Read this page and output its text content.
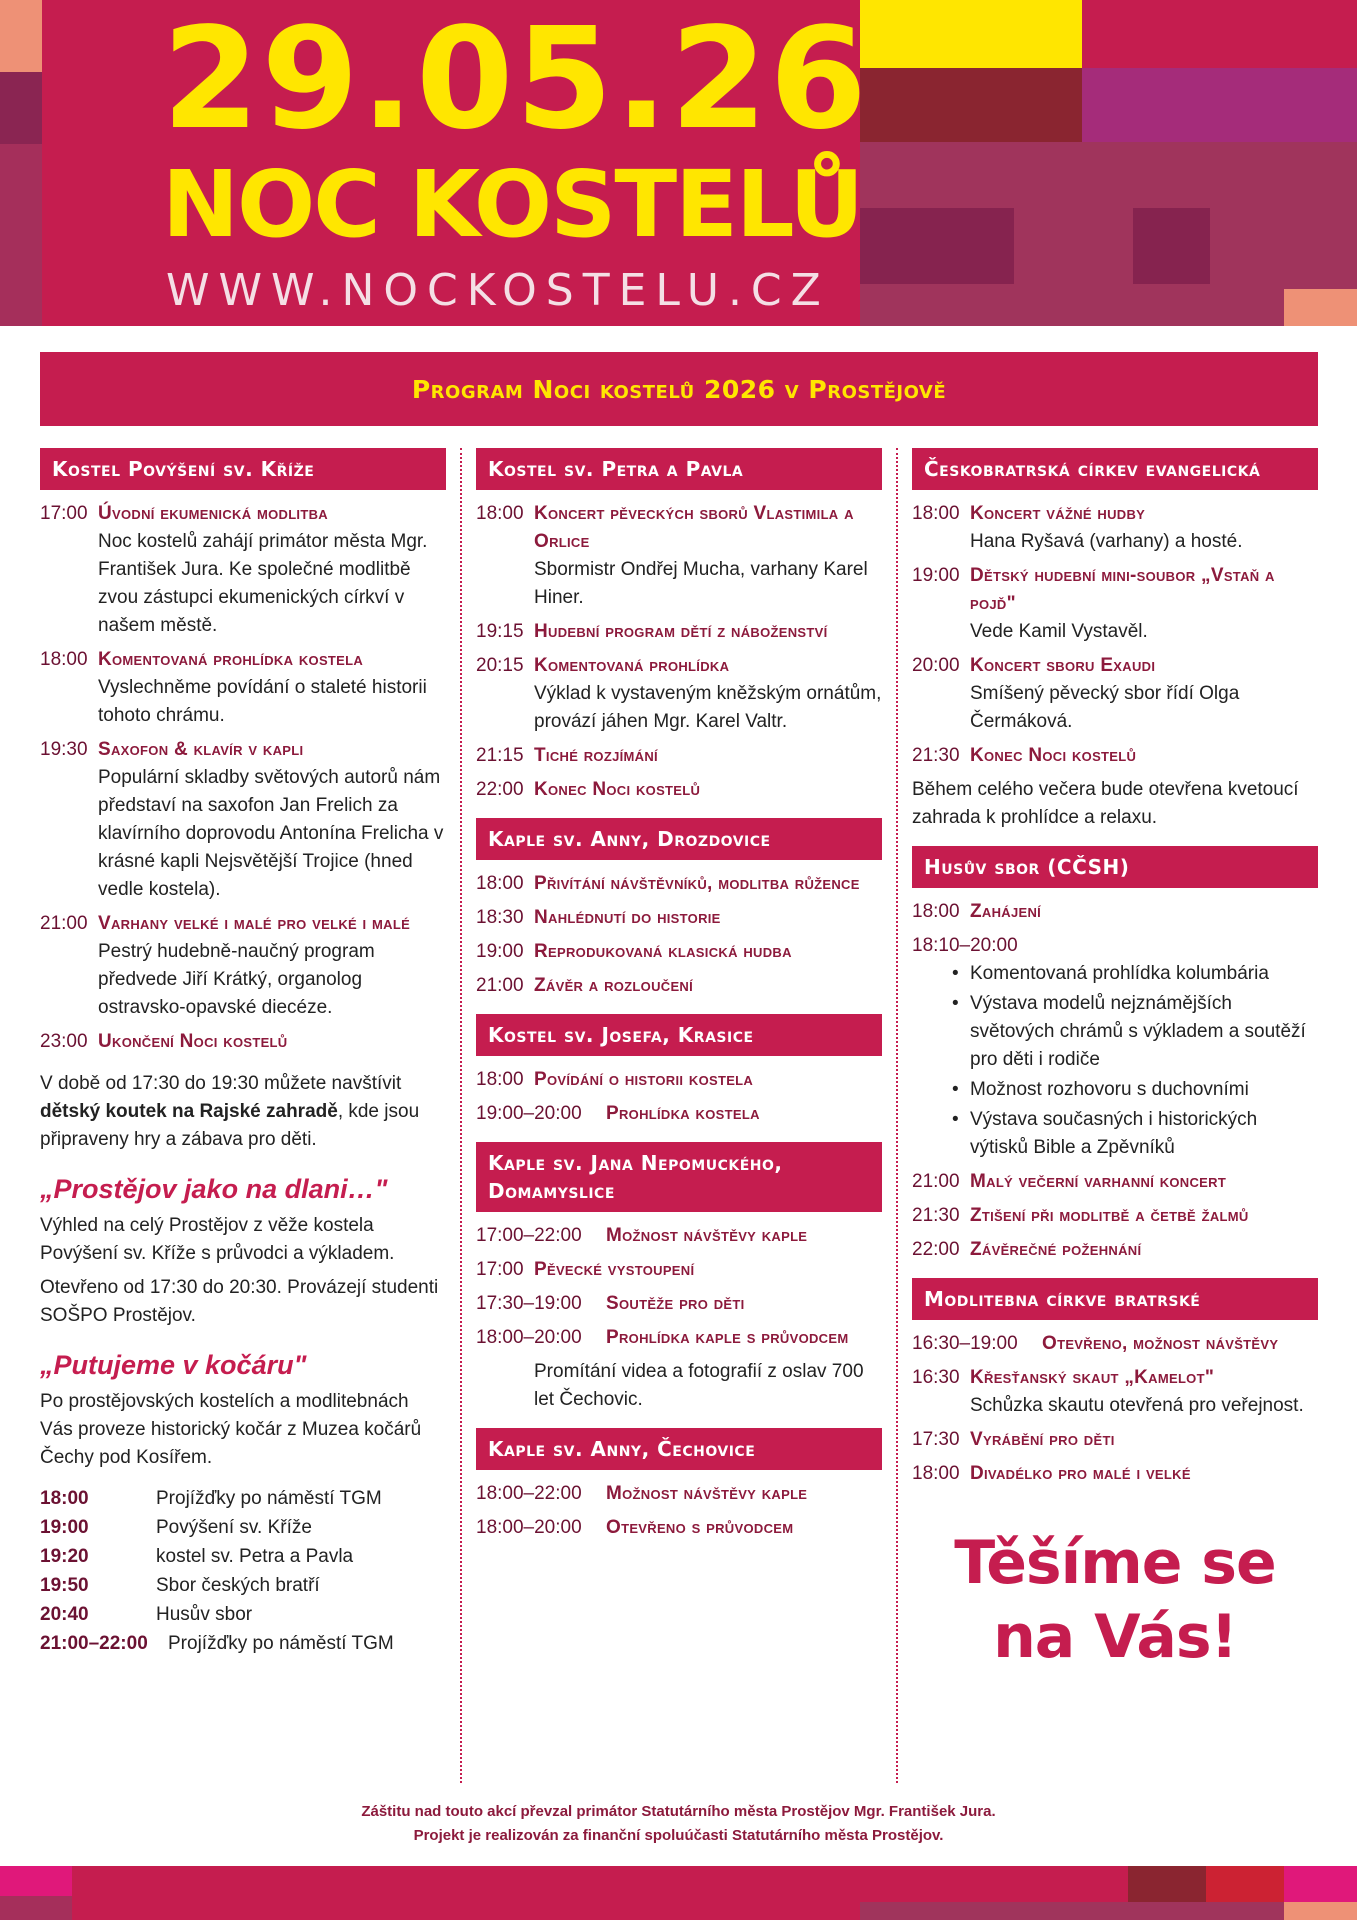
29.05.26
NOC KOSTELŮ
WWW.NOCKOSTELU.CZ
Program Noci kostelů 2026 v Prostějově
Kostel Povýšení sv. Kříže
17:00 Úvodní ekumenická modlitba
Noc kostelů zahájí primátor města Mgr. František Jura. Ke společné modlitbě zvou zástupci ekumenických církví v našem městě.
18:00 Komentovaná prohlídka kostela
Vyslechněme povídání o staleté historii tohoto chrámu.
19:30 Saxofon & klavír v kapli
Populární skladby světových autorů nám představí na saxofon Jan Frelich za klavírního doprovodu Antonína Frelicha v krásné kapli Nejsvětější Trojice (hned vedle kostela).
21:00 Varhany velké i malé pro velké i malé
Pestrý hudebně-naučný program předvede Jiří Krátký, organolog ostravsko-opavské diecéze.
23:00 Ukončení Noci kostelů
V době od 17:30 do 19:30 můžete navštívit dětský koutek na Rajské zahradě, kde jsou připraveny hry a zábava pro děti.
„Prostějov jako na dlani…"
Výhled na celý Prostějov z věže kostela Povýšení sv. Kříže s průvodci a výkladem.
Otevřeno od 17:30 do 20:30. Provázejí studenti SOŠPO Prostějov.
„Putujeme v kočáru"
Po prostějovských kostelích a modlitebnách Vás proveze historický kočár z Muzea kočárů Čechy pod Kosířem.
18:00	Projížďky po náměstí TGM
19:00	Povýšení sv. Kříže
19:20	kostel sv. Petra a Pavla
19:50	Sbor českých bratří
20:40	Husův sbor
21:00–22:00	Projížďky po náměstí TGM
Kostel sv. Petra a Pavla
18:00 Koncert pěveckých sborů Vlastimila a Orlice
Sbormistr Ondřej Mucha, varhany Karel Hiner.
19:15 Hudební program dětí z náboženství
20:15 Komentovaná prohlídka
Výklad k vystaveným kněžským ornátům, provází jáhen Mgr. Karel Valtr.
21:15 Tiché rozjímání
22:00 Konec Noci kostelů
Kaple sv. Anny, Drozdovice
18:00 Přivítání návštěvníků, modlitba růžence
18:30 Nahlédnutí do historie
19:00 Reprodukovaná klasická hudba
21:00 Závěr a rozloučení
Kostel sv. Josefa, Krasice
18:00 Povídání o historii kostela
19:00–20:00	Prohlídka kostela
Kaple sv. Jana Nepomuckého, Domamyslice
17:00–22:00	Možnost návštěvy kaple
17:00 Pěvecké vystoupení
17:30–19:00	Soutěže pro děti
18:00–20:00	Prohlídka kaple s průvodcem
Promítání videa a fotografií z oslav 700 let Čechovic.
Kaple sv. Anny, Čechovice
18:00–22:00	Možnost návštěvy kaple
18:00–20:00	Otevřeno s průvodcem
Českobratrská církev evangelická
18:00 Koncert vážné hudby
Hana Ryšavá (varhany) a hosté.
19:00 Dětský hudební mini-soubor „Vstaň a pojď"
Vede Kamil Vystavěl.
20:00 Koncert sboru Exaudi
Smíšený pěvecký sbor řídí Olga Čermáková.
21:30 Konec Noci kostelů
Během celého večera bude otevřena kvetoucí zahrada k prohlídce a relaxu.
Husův sbor (CČSH)
18:00 Zahájení
18:10–20:00
• Komentovaná prohlídka kolumbária
• Výstava modelů nejznámějších světových chrámů s výkladem a soutěží pro děti i rodiče
• Možnost rozhovoru s duchovními
• Výstava současných i historických výtisků Bible a Zpěvníků
21:00 Malý večerní varhanní koncert
21:30 Ztišení při modlitbě a četbě žalmů
22:00 Závěrečné požehnání
Modlitebna církve bratrské
16:30–19:00	Otevřeno, možnost návštěvy
16:30 Křesťanský skaut „Kamelot"
Schůzka skautu otevřená pro veřejnost.
17:30 Vyrábění pro děti
18:00 Divadélko pro malé i velké
Těšíme se
na Vás!
Záštitu nad touto akcí převzal primátor Statutárního města Prostějov Mgr. František Jura.
Projekt je realizován za finanční spoluúčasti Statutárního města Prostějov.
